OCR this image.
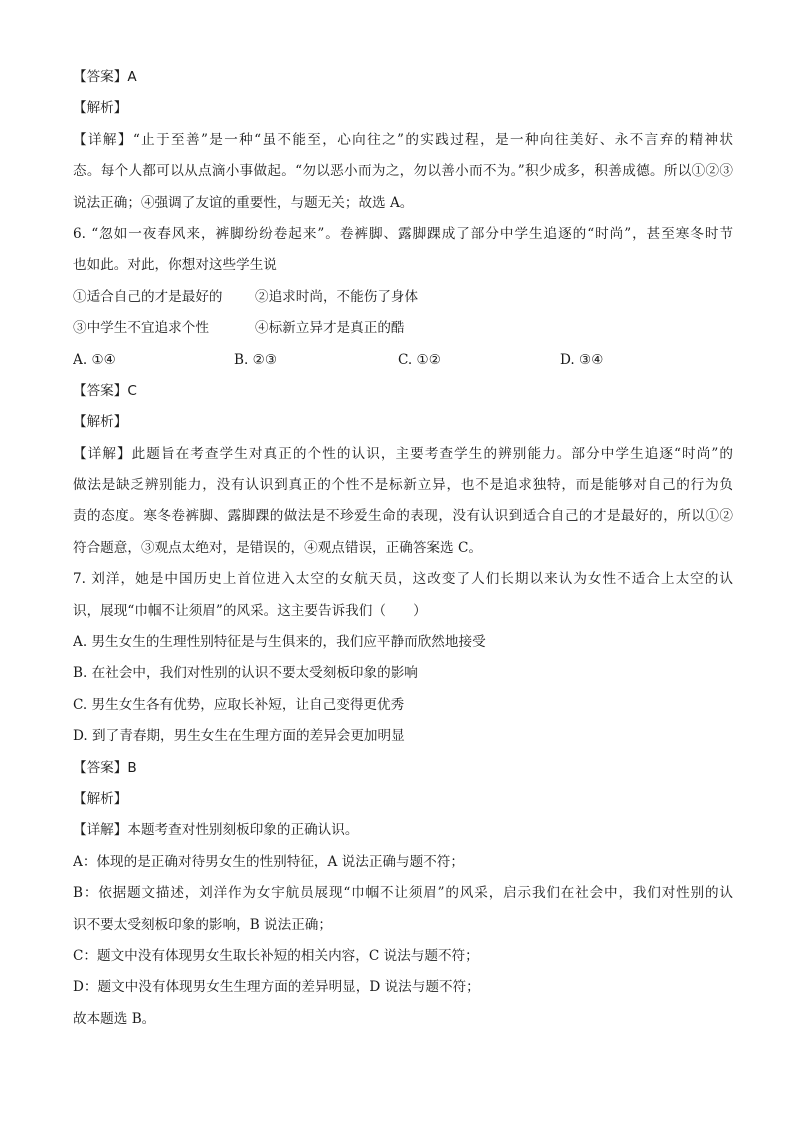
【答案】A
【解析】
【详解】“止于至善”是一种“虽不能至，心向往之”的实践过程，是一种向往美好、永不言弃的精神状
态。每个人都可以从点滴小事做起。“勿以恶小而为之，勿以善小而不为。”积少成多，积善成德。所以①②③
说法正确；④强调了友谊的重要性，与题无关；故选 A。
6. “忽如一夜春风来，裤脚纷纷卷起来”。卷裤脚、露脚踝成了部分中学生追逐的“时尚”，甚至寒冬时节
也如此。对此，你想对这些学生说
①适合自己的才是最好的	②追求时尚，不能伤了身体
③中学生不宜追求个性	④标新立异才是真正的酷
A. ①④	B. ②③	C. ①②	D. ③④
【答案】C
【解析】
【详解】此题旨在考查学生对真正的个性的认识，主要考查学生的辨别能力。部分中学生追逐“时尚”的
做法是缺乏辨别能力，没有认识到真正的个性不是标新立异，也不是追求独特，而是能够对自己的行为负
责的态度。寒冬卷裤脚、露脚踝的做法是不珍爱生命的表现，没有认识到适合自己的才是最好的，所以①②
符合题意，③观点太绝对，是错误的，④观点错误，正确答案选 C。
7. 刘洋，她是中国历史上首位进入太空的女航天员，这改变了人们长期以来认为女性不适合上太空的认
识，展现“巾帼不让须眉”的风采。这主要告诉我们（　　）
A. 男生女生的生理性别特征是与生俱来的，我们应平静而欣然地接受
B. 在社会中，我们对性别的认识不要太受刻板印象的影响
C. 男生女生各有优势，应取长补短，让自己变得更优秀
D. 到了青春期，男生女生在生理方面的差异会更加明显
【答案】B
【解析】
【详解】本题考查对性别刻板印象的正确认识。
A：体现的是正确对待男女生的性别特征，A 说法正确与题不符；
B：依据题文描述，刘洋作为女宇航员展现“巾帼不让须眉”的风采，启示我们在社会中，我们对性别的认
识不要太受刻板印象的影响，B 说法正确；
C：题文中没有体现男女生取长补短的相关内容，C 说法与题不符；
D：题文中没有体现男女生生理方面的差异明显，D 说法与题不符；
故本题选 B。
